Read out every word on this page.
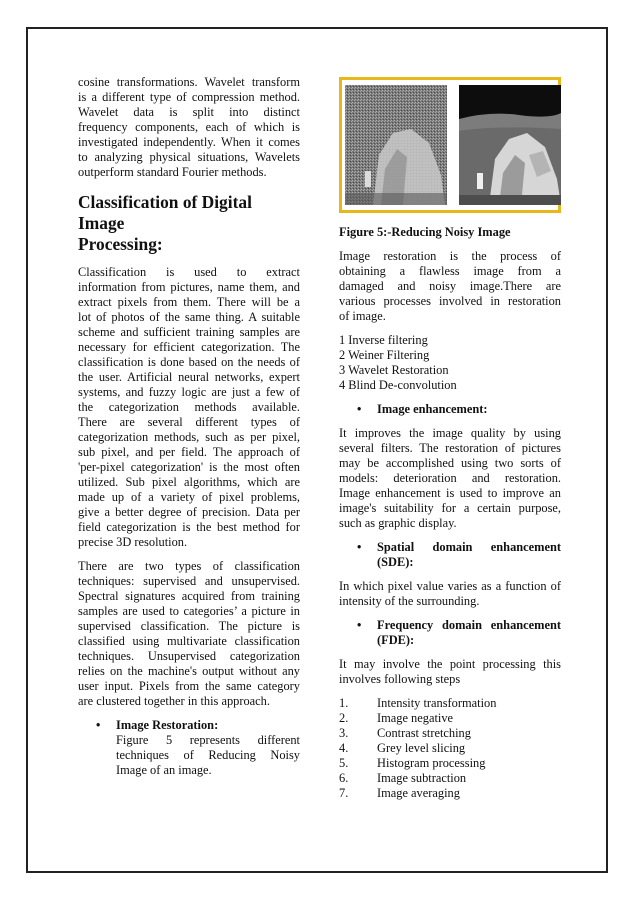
cosine transformations. Wavelet transform

is a different type of compression method.

Wavelet data is split into distinct

frequency components, each of which is

investigated independently. When it comes

to analyzing physical situations, Wavelets

outperform standard Fourier methods.

Classification of Digital Image
Processing:

Classification is used to extract

information from pictures, name them, and

extract pixels from them. There will be a

lot of photos of the same thing. A suitable

scheme and sufficient training samples are

necessary for efficient categorization. The

classification is done based on the needs of

the user. Artificial neural networks, expert

systems, and fuzzy logic are just a few of

the categorization methods available.

There are several different types of

categorization methods, such as per pixel,

sub pixel, and per field. The approach of

'per-pixel categorization' is the most often

utilized. Sub pixel algorithms, which are

made up of a variety of pixel problems,

give a better degree of precision. Data per

field categorization is the best method for

precise 3D resolution.

There are two types of classification

techniques: supervised and unsupervised.

Spectral signatures acquired from training

samples are used to categories’ a picture in

supervised classification. The picture is

classified using multivariate classification

techniques. Unsupervised categorization

relies on the machine's output without any

user input. Pixels from the same category

are clustered together in this approach.

• Image Restoration:

Figure 5 represents different

techniques of Reducing Noisy

Image of an image.

Figure 5:-Reducing Noisy Image

Image restoration is the process of

obtaining a flawless image from a

damaged and noisy image.There are

various processes involved in restoration

of image.

1 Inverse filtering

2 Weiner Filtering

3 Wavelet Restoration

4 Blind De-convolution

• Image enhancement:

It improves the image quality by using

several filters. The restoration of pictures

may be accomplished using two sorts of

models: deterioration and restoration.

Image enhancement is used to improve an

image's suitability for a certain purpose,

such as graphic display.

• Spatial domain enhancement

(SDE):

In which pixel value varies as a function of

intensity of the surrounding.

• Frequency domain enhancement

(FDE):

It may involve the point processing this

involves following steps

1. Intensity transformation
2. Image negative
3. Contrast stretching
4. Grey level slicing
5. Histogram processing
6. Image subtraction
7. Image averaging
